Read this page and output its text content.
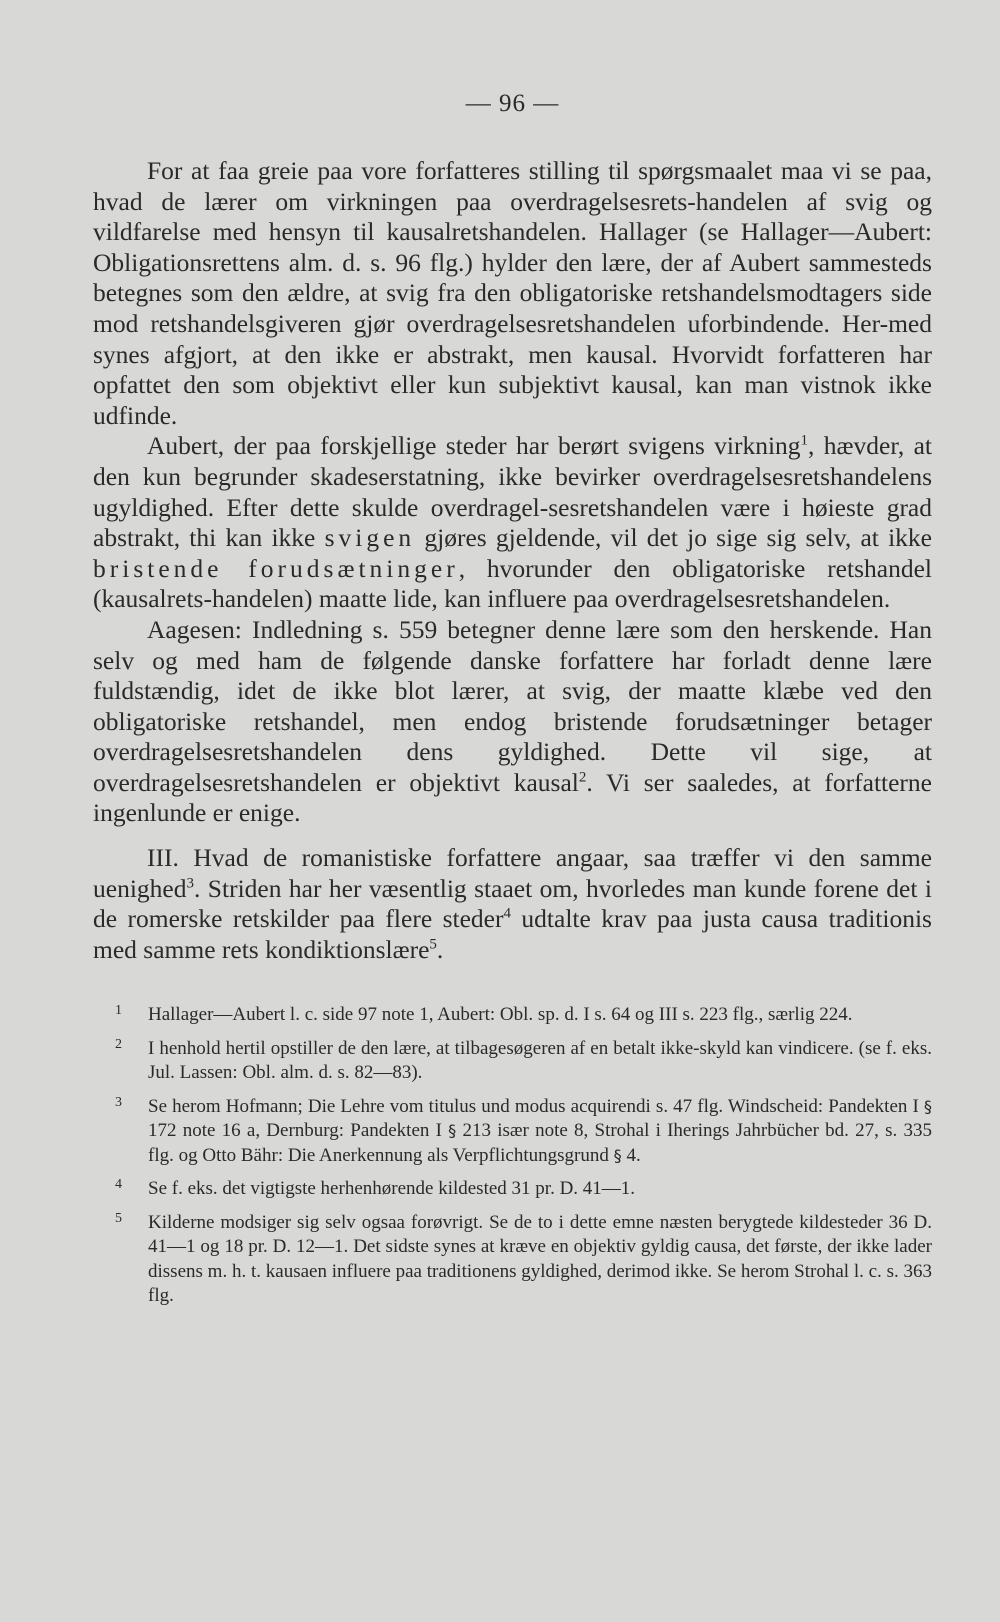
— 96 —

For at faa greie paa vore forfatteres stilling til spørgsmaalet maa vi se paa, hvad de lærer om virkningen paa overdragelsesrets-handelen af svig og vildfarelse med hensyn til kausalretshandelen. Hallager (se Hallager—Aubert: Obligationsrettens alm. d. s. 96 flg.) hylder den lære, der af Aubert sammesteds betegnes som den ældre, at svig fra den obligatoriske retshandelsmodtagers side mod retshandelsgiveren gjør overdragelsesretshandelen uforbindende. Her-med synes afgjort, at den ikke er abstrakt, men kausal. Hvorvidt forfatteren har opfattet den som objektivt eller kun subjektivt kausal, kan man vistnok ikke udfinde.

Aubert, der paa forskjellige steder har berørt svigens virkning$^1$, hævder, at den kun begrunder skadeserstatning, ikke bevirker overdragelsesretshandelens ugyldighed. Efter dette skulde overdragel-sesretshandelen være i høieste grad abstrakt, thi kan ikke svigen gjøres gjeldende, vil det jo sige sig selv, at ikke bristende forudsætninger, hvorunder den obligatoriske retshandel (kausalrets-handelen) maatte lide, kan influere paa overdragelsesretshandelen.

Aagesen: Indledning s. 559 betegner denne lære som den herskende. Han selv og med ham de følgende danske forfattere har forladt denne lære fuldstændig, idet de ikke blot lærer, at svig, der maatte klæbe ved den obligatoriske retshandel, men endog bristende forudsætninger betager overdragelsesretshandelen dens gyldighed. Dette vil sige, at overdragelsesretshandelen er objektivt kausal$^2$. Vi ser saaledes, at forfatterne ingenlunde er enige.

III. Hvad de romanistiske forfattere angaar, saa træffer vi den samme uenighed$^3$. Striden har her væsentlig staaet om, hvorledes man kunde forene det i de romerske retskilder paa flere steder$^4$ udtalte krav paa justa causa traditionis med samme rets kondiktionslære$^5$.

1 Hallager—Aubert l. c. side 97 note 1, Aubert: Obl. sp. d. I s. 64 og III s. 223 flg., særlig 224.
2 I henhold hertil opstiller de den lære, at tilbagesøgeren af en betalt ikke-skyld kan vindicere. (se f. eks. Jul. Lassen: Obl. alm. d. s. 82—83).
3 Se herom Hofmann; Die Lehre vom titulus und modus acquirendi s. 47 flg. Windscheid: Pandekten I § 172 note 16 a, Dernburg: Pandekten I § 213 især note 8, Strohal i Iherings Jahrbücher bd. 27, s. 335 flg. og Otto Bähr: Die Anerkennung als Verpflichtungsgrund § 4.
4 Se f. eks. det vigtigste herhenhørende kildested 31 pr. D. 41—1.
5 Kilderne modsiger sig selv ogsaa forøvrigt. Se de to i dette emne næsten berygtede kildesteder 36 D. 41—1 og 18 pr. D. 12—1. Det sidste synes at kræve en objektiv gyldig causa, det første, der ikke lader dissens m. h. t. kausaen influere paa traditionens gyldighed, derimod ikke. Se herom Strohal l. c. s. 363 flg.
